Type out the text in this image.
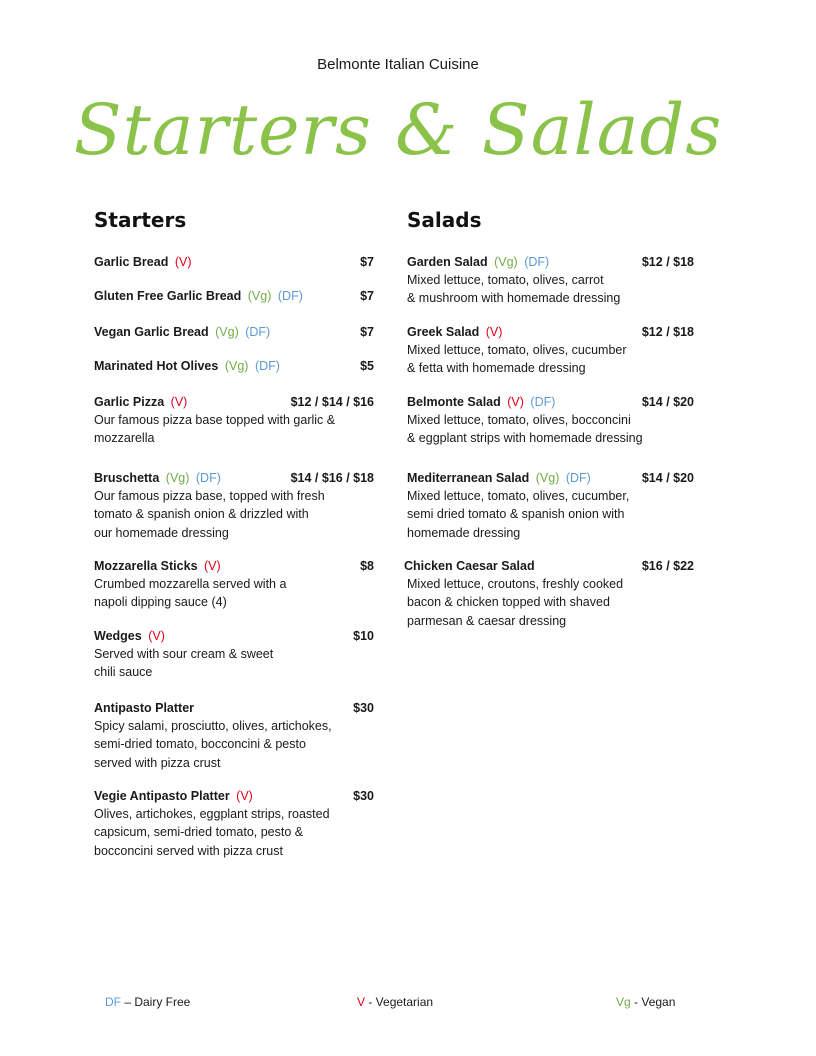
Belmonte Italian Cuisine
Starters & Salads
Starters
Garlic Bread (V)	$7
Gluten Free Garlic Bread (Vg) (DF)	$7
Vegan Garlic Bread (Vg) (DF)	$7
Marinated Hot Olives (Vg) (DF)	$5
Garlic Pizza (V)	$12 / $14 / $16

Our famous pizza base topped with garlic &
mozzarella

Bruschetta (Vg) (DF)	$14 / $16 / $18

Our famous pizza base, topped with fresh
tomato & spanish onion & drizzled with
our homemade dressing

Mozzarella Sticks (V)	$8

Crumbed mozzarella served with a
napoli dipping sauce (4)

Wedges (V)	$10

Served with sour cream & sweet
chili sauce

Antipasto Platter	$30

Spicy salami, prosciutto, olives, artichokes,
semi-dried tomato, bocconcini & pesto
served with pizza crust

Vegie Antipasto Platter (V)	$30

Olives, artichokes, eggplant strips, roasted
capsicum, semi-dried tomato, pesto &
bocconcini served with pizza crust

Salads
Garden Salad (Vg) (DF)	$12 / $18

Mixed lettuce, tomato, olives, carrot
& mushroom with homemade dressing

Greek Salad (V)	$12 / $18

Mixed lettuce, tomato, olives, cucumber
& fetta with homemade dressing

Belmonte Salad (V) (DF)	$14 / $20

Mixed lettuce, tomato, olives, bocconcini
& eggplant strips with homemade dressing

Mediterranean Salad (Vg) (DF)	$14 / $20

Mixed lettuce, tomato, olives, cucumber,
semi dried tomato & spanish onion with
homemade dressing

Chicken Caesar Salad	$16 / $22

Mixed lettuce, croutons, freshly cooked
bacon & chicken topped with shaved
parmesan & caesar dressing

DF – Dairy Free	V - Vegetarian	Vg - Vegan
